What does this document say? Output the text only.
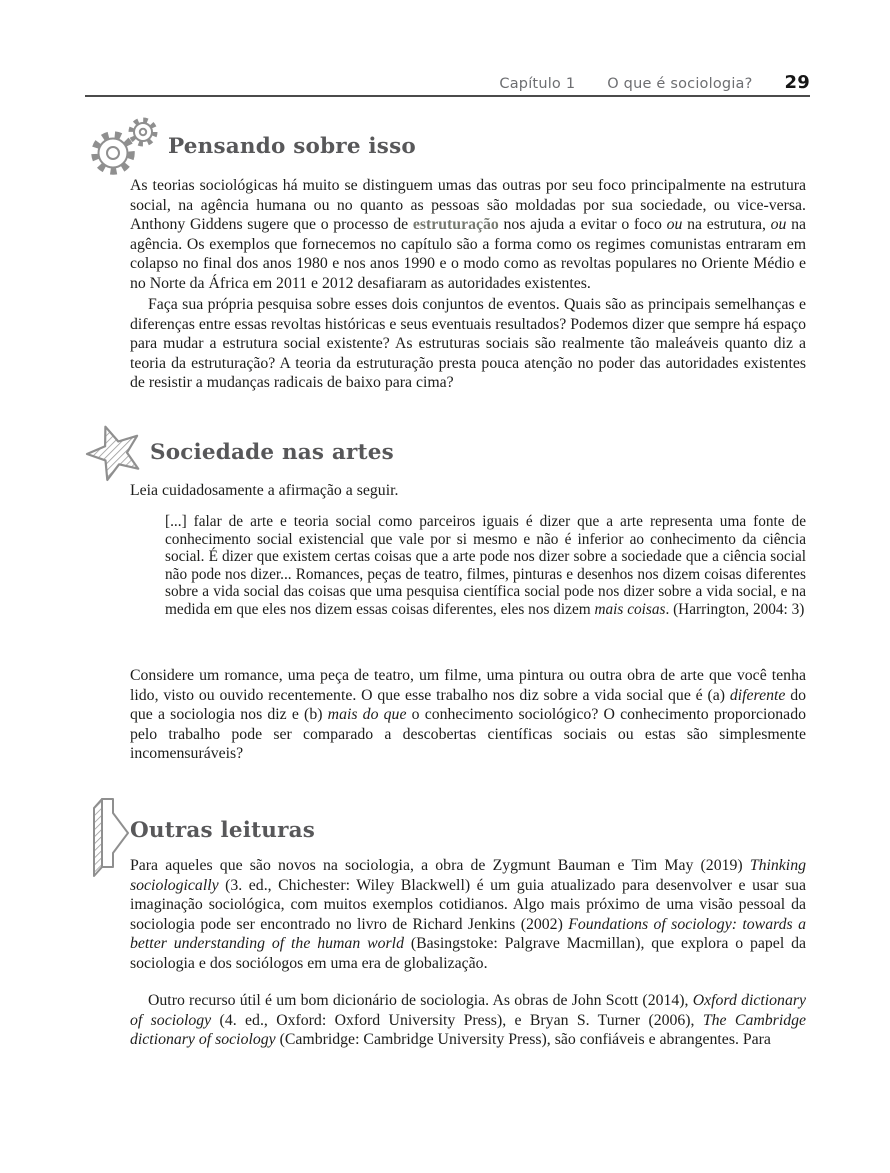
Capítulo 1 O que é sociologia? 29
Pensando sobre isso

As teorias sociológicas há muito se distinguem umas das outras por seu foco principalmente na estrutura social, na agência humana ou no quanto as pessoas são moldadas por sua sociedade, ou vice-versa. Anthony Giddens sugere que o processo de estruturação nos ajuda a evitar o foco ou na estrutura, ou na agência. Os exemplos que fornecemos no capítulo são a forma como os regimes comunistas entraram em colapso no final dos anos 1980 e nos anos 1990 e o modo como as revoltas populares no Oriente Médio e no Norte da África em 2011 e 2012 desafiaram as autoridades existentes.

Faça sua própria pesquisa sobre esses dois conjuntos de eventos. Quais são as principais semelhanças e diferenças entre essas revoltas históricas e seus eventuais resultados? Podemos dizer que sempre há espaço para mudar a estrutura social existente? As estruturas sociais são realmente tão maleáveis quanto diz a teoria da estruturação? A teoria da estruturação presta pouca atenção no poder das autoridades existentes de resistir a mudanças radicais de baixo para cima?

Sociedade nas artes

Leia cuidadosamente a afirmação a seguir.

[...] falar de arte e teoria social como parceiros iguais é dizer que a arte representa uma fonte de conhecimento social existencial que vale por si mesmo e não é inferior ao conhecimento da ciência social. É dizer que existem certas coisas que a arte pode nos dizer sobre a sociedade que a ciência social não pode nos dizer... Romances, peças de teatro, filmes, pinturas e desenhos nos dizem coisas diferentes sobre a vida social das coisas que uma pesquisa científica social pode nos dizer sobre a vida social, e na medida em que eles nos dizem essas coisas diferentes, eles nos dizem mais coisas. (Harrington, 2004: 3)

Considere um romance, uma peça de teatro, um filme, uma pintura ou outra obra de arte que você tenha lido, visto ou ouvido recentemente. O que esse trabalho nos diz sobre a vida social que é (a) diferente do que a sociologia nos diz e (b) mais do que o conhecimento sociológico? O conhecimento proporcionado pelo trabalho pode ser comparado a descobertas científicas sociais ou estas são simplesmente incomensuráveis?

Outras leituras

Para aqueles que são novos na sociologia, a obra de Zygmunt Bauman e Tim May (2019) Thinking sociologically (3. ed., Chichester: Wiley Blackwell) é um guia atualizado para desenvolver e usar sua imaginação sociológica, com muitos exemplos cotidianos. Algo mais próximo de uma visão pessoal da sociologia pode ser encontrado no livro de Richard Jenkins (2002) Foundations of sociology: towards a better understanding of the human world (Basingstoke: Palgrave Macmillan), que explora o papel da sociologia e dos sociólogos em uma era de globalização.

Outro recurso útil é um bom dicionário de sociologia. As obras de John Scott (2014), Oxford dictionary of sociology (4. ed., Oxford: Oxford University Press), e Bryan S. Turner (2006), The Cambridge dictionary of sociology (Cambridge: Cambridge University Press), são confiáveis e abrangentes. Para
